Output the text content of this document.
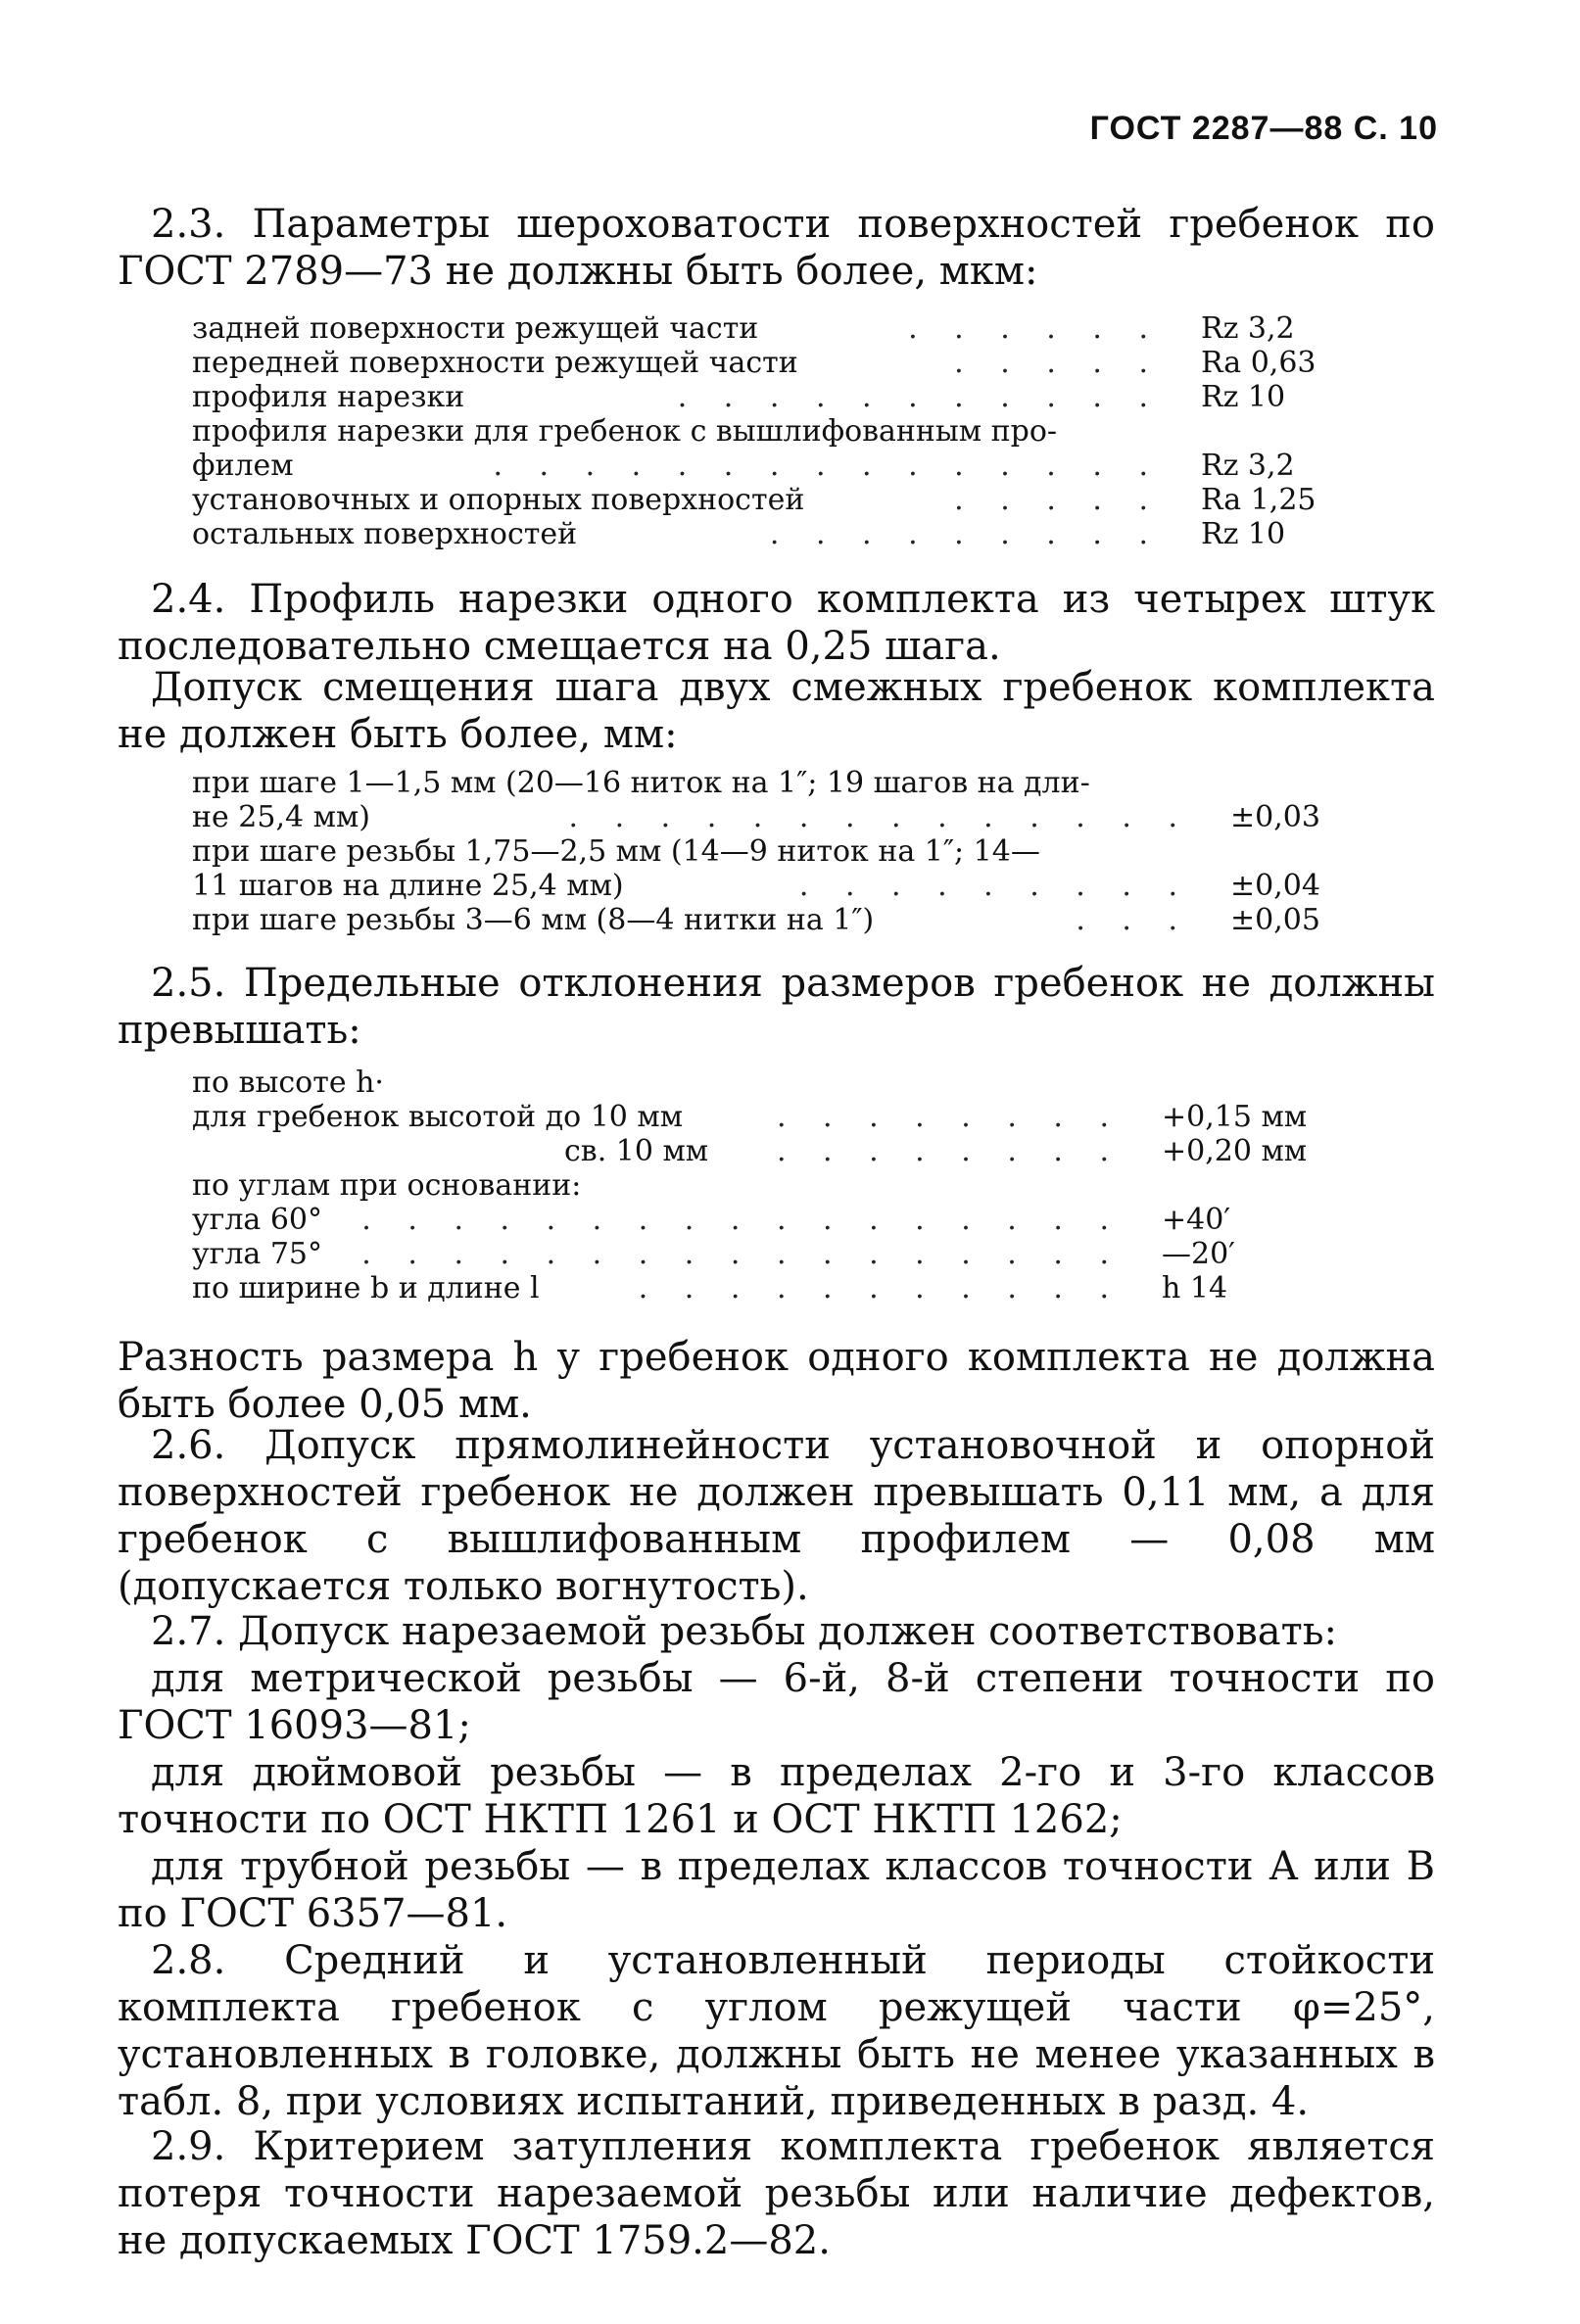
ГОСТ 2287—88 С. 10
2.3. Параметры шероховатости поверхностей гребенок по ГОСТ 2789—73 не должны быть более, мкм:
задней поверхности режущей части	. . . . . . Rz 3,2
передней поверхности режущей части	. . . . . Ra 0,63
профиля нарезки	. . . . . . . . . . . Rz 10
профиля нарезки для гребенок с вышлифованным про-
филем	. . . . . . . . . . . . . . . Rz 3,2
установочных и опорных поверхностей	. . . . . Ra 1,25
остальных поверхностей	. . . . . . . . . Rz 10
2.4. Профиль нарезки одного комплекта из четырех штук последовательно смещается на 0,25 шага.
Допуск смещения шага двух смежных гребенок комплекта не должен быть более, мм:
при шаге 1—1,5 мм (20—16 ниток на 1″; 19 шагов на дли-
не 25,4 мм)	. . . . . . . . . . . . . . ±0,03
при шаге резьбы 1,75—2,5 мм (14—9 ниток на 1″; 14—
11 шагов на длине 25,4 мм)	. . . . . . . . . ±0,04
при шаге резьбы 3—6 мм (8—4 нитки на 1″)	. . . ±0,05
2.5. Предельные отклонения размеров гребенок не должны превышать:
по высоте h·
для гребенок высотой до 10 мм	. . . . . . . . +0,15 мм
св. 10 мм . . . . . . . . +0,20 мм
по углам при основании:
угла 60° . . . . . . . . . . . . . . . . . +40′
угла 75° . . . . . . . . . . . . . . . . . —20′
по ширине b и длине l	. . . . . . . . . . . h 14
Разность размера h у гребенок одного комплекта не должна быть более 0,05 мм.
2.6. Допуск прямолинейности установочной и опорной поверхностей гребенок не должен превышать 0,11 мм, а для гребенок с вышлифованным профилем — 0,08 мм (допускается только вогнутость).
2.7. Допуск нарезаемой резьбы должен соответствовать:
для метрической резьбы — 6-й, 8-й степени точности по ГОСТ 16093—81;
для дюймовой резьбы — в пределах 2-го и 3-го классов точности по ОСТ НКТП 1261 и ОСТ НКТП 1262;
для трубной резьбы — в пределах классов точности А или В по ГОСТ 6357—81.
2.8. Средний и установленный периоды стойкости комплекта гребенок с углом режущей части φ=25°, установленных в головке, должны быть не менее указанных в табл. 8, при условиях испытаний, приведенных в разд. 4.
2.9. Критерием затупления комплекта гребенок является потеря точности нарезаемой резьбы или наличие дефектов, не допускаемых ГОСТ 1759.2—82.
